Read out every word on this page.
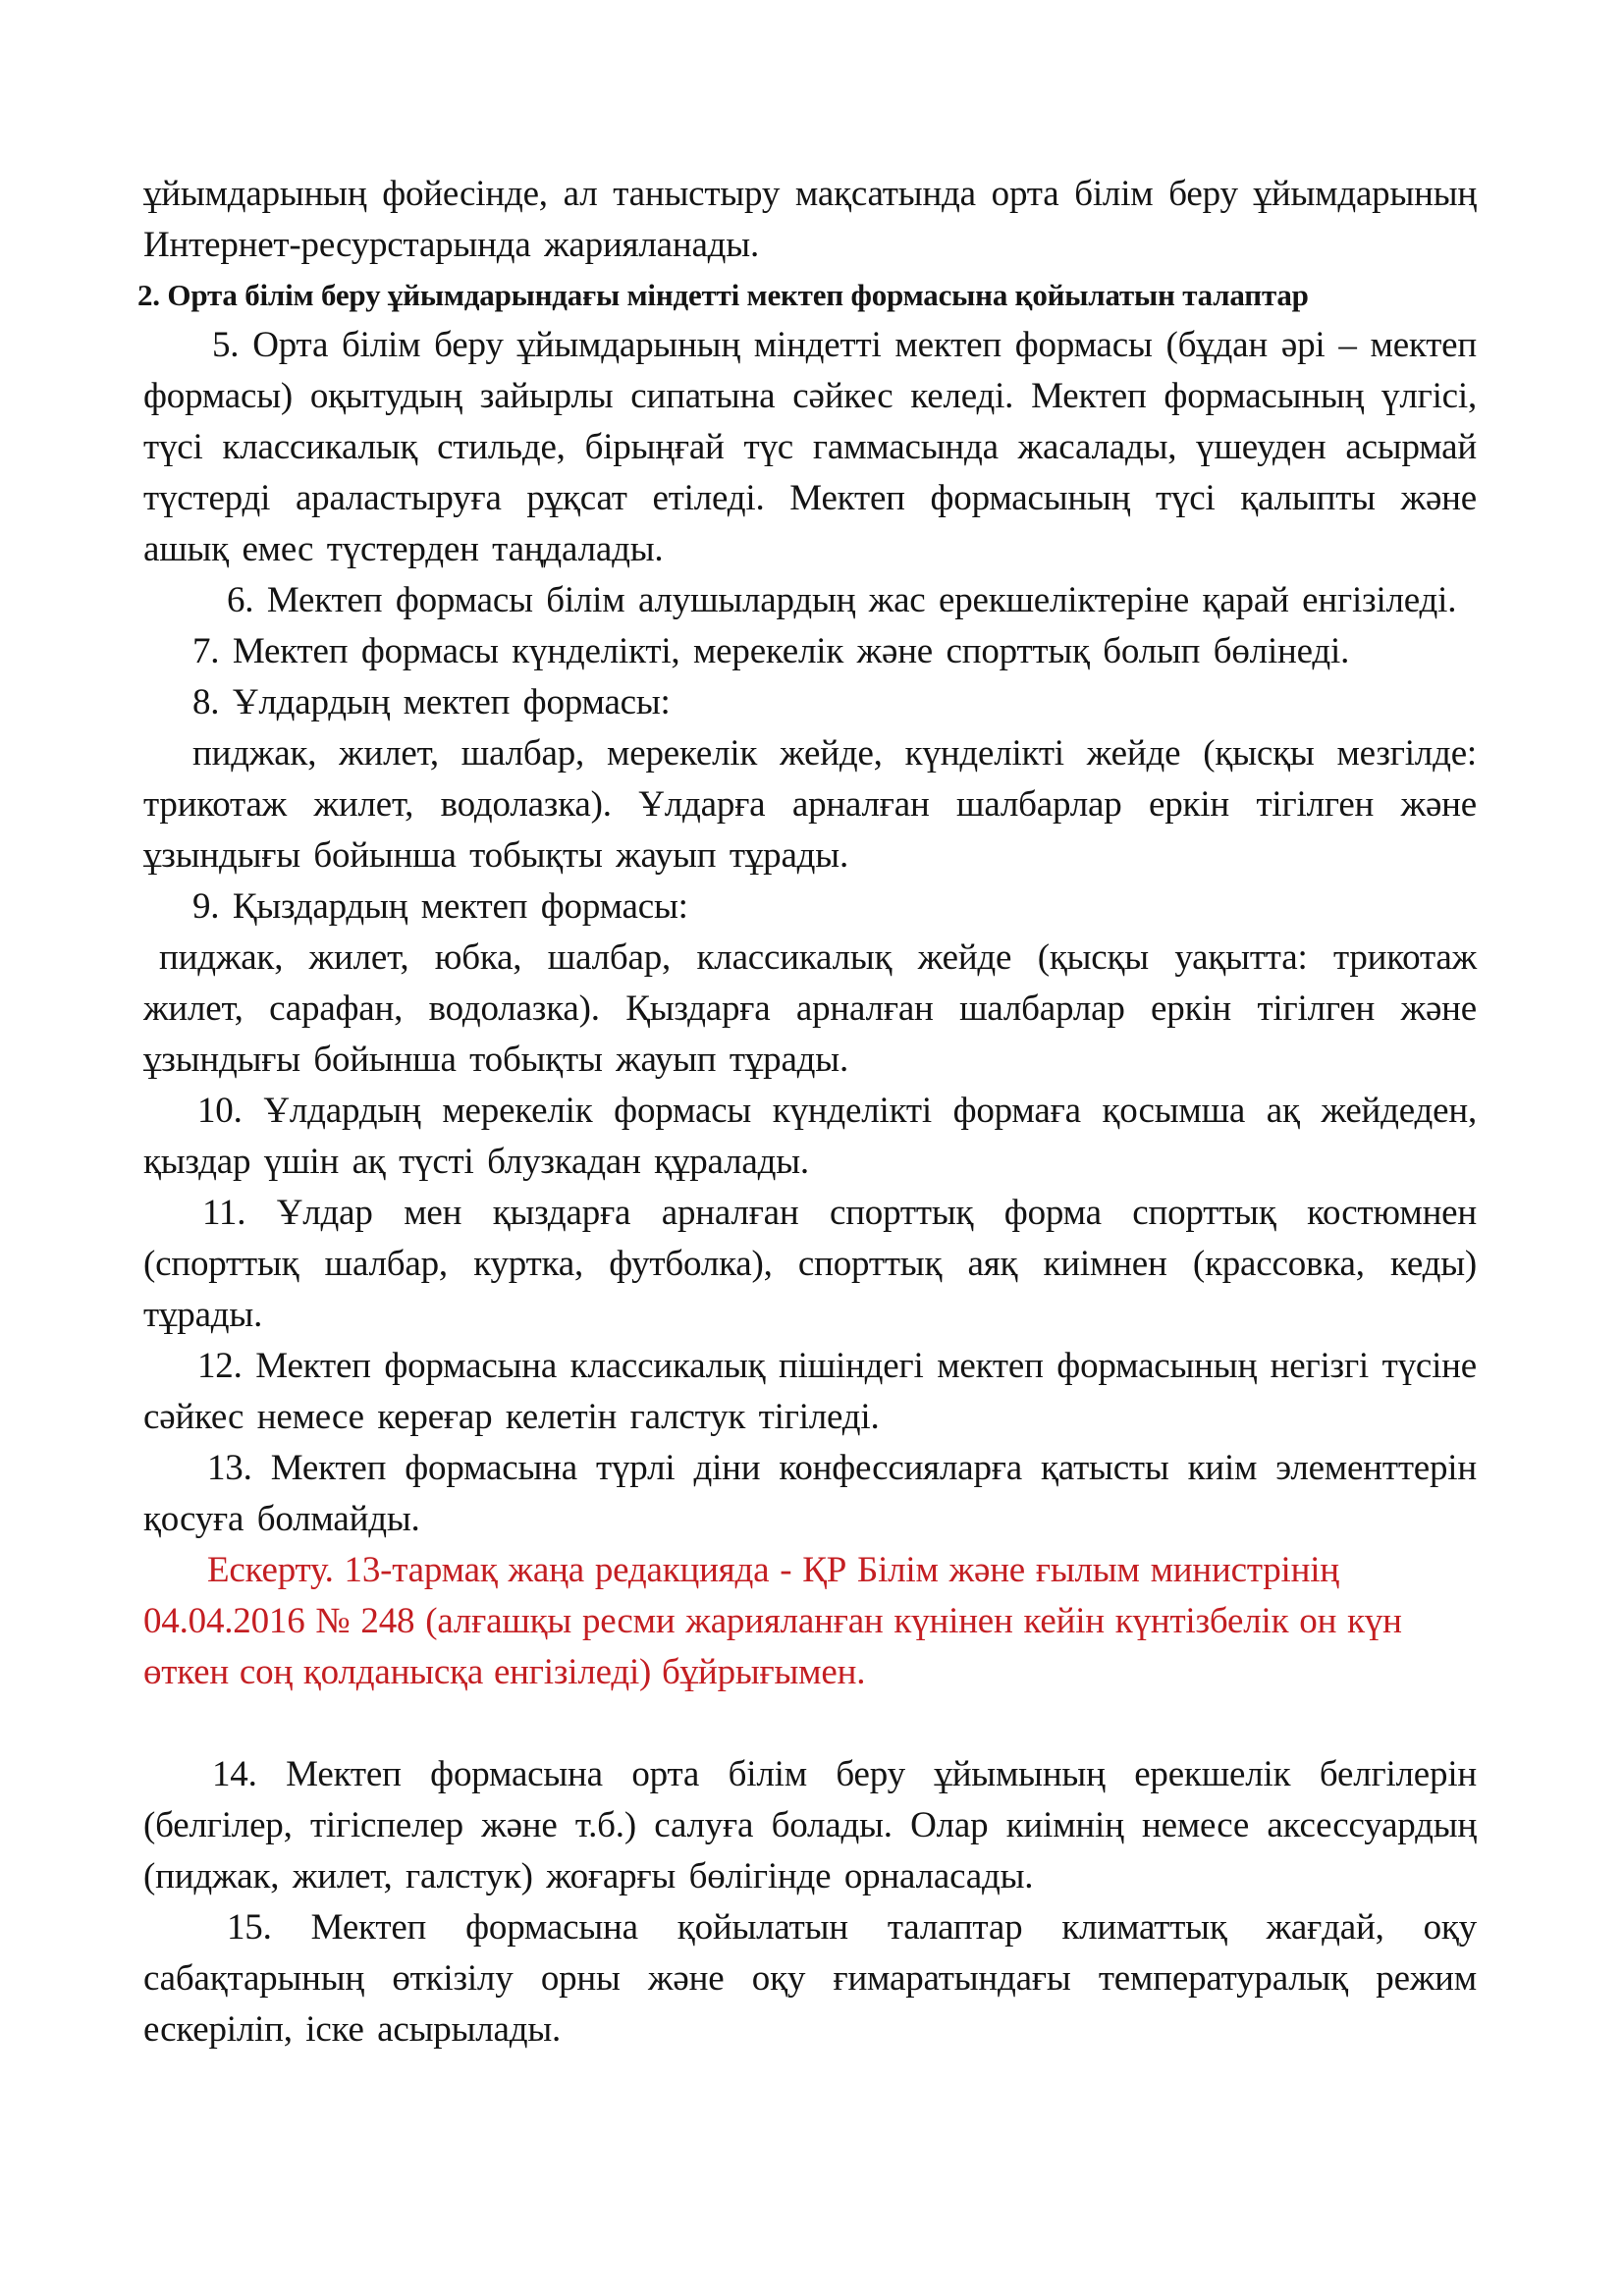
ұйымдарының фойесінде, ал таныстыру мақсатында орта білім беру ұйымдарының Интернет-ресурстарында жарияланады.

2. Орта білім беру ұйымдарындағы міндетті мектеп формасына қойылатын талаптар

5. Орта білім беру ұйымдарының міндетті мектеп формасы (бұдан әрі – мектеп формасы) оқытудың зайырлы сипатына сәйкес келеді. Мектеп формасының үлгісі, түсі классикалық стильде, бірыңғай түс гаммасында жасалады, үшеуден асырмай түстерді араластыруға рұқсат етіледі. Мектеп формасының түсі қалыпты және ашық емес түстерден таңдалады.

6. Мектеп формасы білім алушылардың жас ерекшеліктеріне қарай енгізіледі.

7. Мектеп формасы күнделікті, мерекелік және спорттық болып бөлінеді.

8. Ұлдардың мектеп формасы:

пиджак, жилет, шалбар, мерекелік жейде, күнделікті жейде (қысқы мезгілде: трикотаж жилет, водолазка). Ұлдарға арналған шалбарлар еркін тігілген және ұзындығы бойынша тобықты жауып тұрады.

9. Қыздардың мектеп формасы:

пиджак, жилет, юбка, шалбар, классикалық жейде (қысқы уақытта: трикотаж жилет, сарафан, водолазка). Қыздарға арналған шалбарлар еркін тігілген және ұзындығы бойынша тобықты жауып тұрады.

10. Ұлдардың мерекелік формасы күнделікті формаға қосымша ақ жейдеден, қыздар үшін ақ түсті блузкадан құралады.

11. Ұлдар мен қыздарға арналған спорттық форма спорттық костюмнен (спорттық шалбар, куртка, футболка), спорттық аяқ киімнен (крассовка, кеды) тұрады.

12. Мектеп формасына классикалық пішіндегі мектеп формасының негізгі түсіне сәйкес немесе кереғар келетін галстук тігіледі.

13. Мектеп формасына түрлі діни конфессияларға қатысты киім элементтерін қосуға болмайды.

Ескерту. 13-тармақ жаңа редакцияда - ҚР Білім және ғылым министрінің 04.04.2016 № 248 (алғашқы ресми жарияланған күнінен кейін күнтізбелік он күн өткен соң қолданысқа енгізіледі) бұйрығымен.

14. Мектеп формасына орта білім беру ұйымының ерекшелік белгілерін (белгілер, тігіспелер және т.б.) салуға болады. Олар киімнің немесе аксессуардың (пиджак, жилет, галстук) жоғарғы бөлігінде орналасады.

15. Мектеп формасына қойылатын талаптар климаттық жағдай, оқу сабақтарының өткізілу орны және оқу ғимаратындағы температуралық режим ескеріліп, іске асырылады.
